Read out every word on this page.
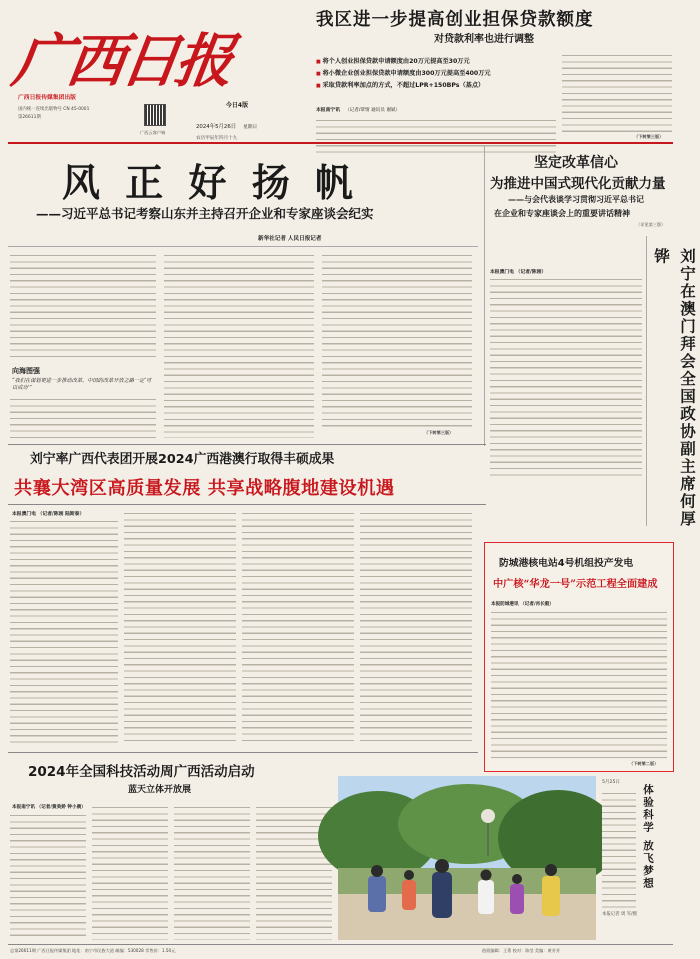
广西日报
广西日报传媒集团出版
国内统一连续出版物号 CN 45-0001
第26611期
广西云客户端
今日4版
2024年5月26日 星期日
农历甲辰年四月十九
我区进一步提高创业担保贷款额度
对贷款利率也进行调整
■ 将个人创业担保贷款申请额度由20万元提高至30万元
■ 将小微企业创业担保贷款申请额度由300万元提高至400万元
■ 采取贷款利率加点的方式，不超过LPR+150BPs（基点）
本报南宁讯 （记者/覃情 通讯员 谢斌）
（下转第三版）
风 正 好 扬 帆
——习近平总书记考察山东并主持召开企业和专家座谈会纪实
新华社记者 人民日报记者
向海图强
“我们在谋划更进一步推动改革、中国的改革开放之路一定‘可以成功’”
（下转第三版）
坚定改革信心
为推进中国式现代化贡献力量
——与会代表谈学习贯彻习近平总书记
在企业和专家座谈会上的重要讲话精神
（详见第三版）
本报澳门电 （记者/陈刚）	刘宁在澳门拜会全国政协副主席何厚铧
刘宁率广西代表团开展2024广西港澳行取得丰硕成果
共襄大湾区高质量发展 共享战略腹地建设机遇
本报澳门电 （记者/陈刚 陆斯泰）
防城港核电站4号机组投产发电
中广核“华龙一号”示范工程全面建成
本报防城港讯 （记者/肖长毅）
（下转第二版）
2024年全国科技活动周广西活动启动
蓝天立体开放展
本报南宁讯 （记者/黄美娇 钟小晨）
5月25日
体验科学 放飞梦想
本报记者 周 军/摄
总第26611期 广西日报传媒集团 地址：南宁市民族大道 邮编：530028 零售价：1.50元	值班编辑：王菁 校对：陈莹 美编：黄芳芳
